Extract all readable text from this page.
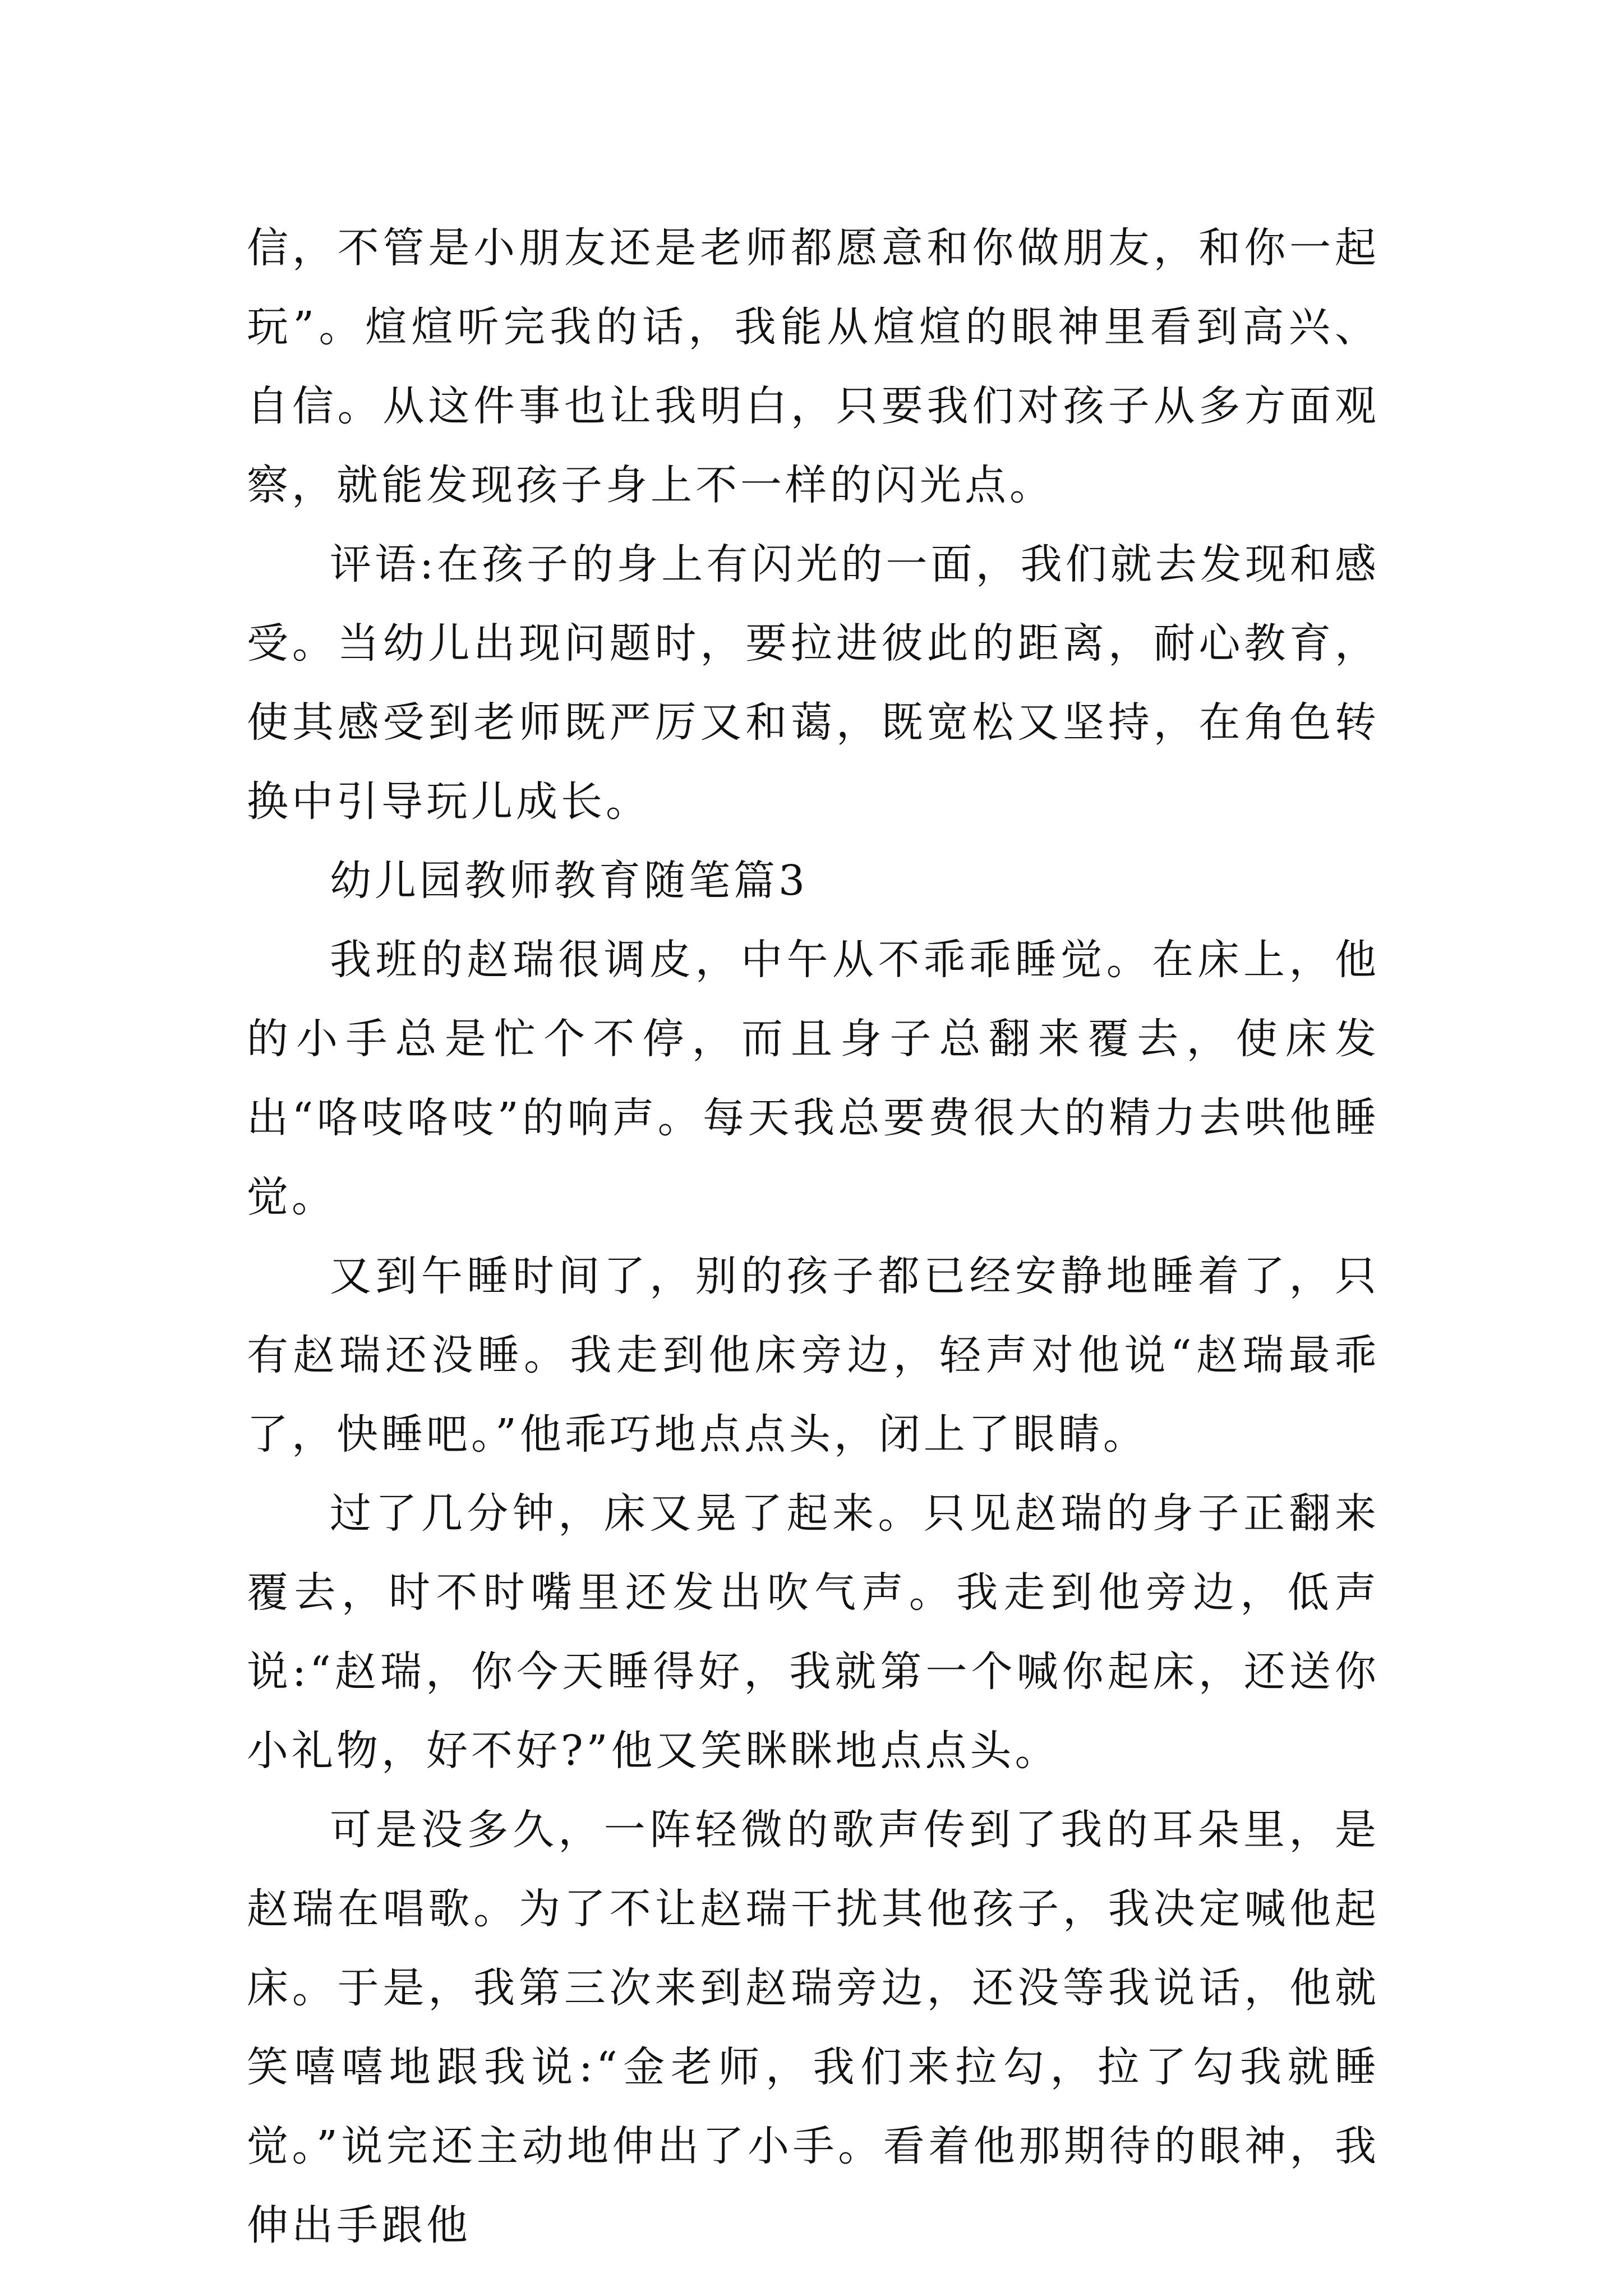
信，不管是小朋友还是老师都愿意和你做朋友，和你一起玩”。煊煊听完我的话，我能从煊煊的眼神里看到高兴、自信。从这件事也让我明白，只要我们对孩子从多方面观察，就能发现孩子身上不一样的闪光点。

评语:在孩子的身上有闪光的一面，我们就去发现和感受。当幼儿出现问题时，要拉进彼此的距离，耐心教育，使其感受到老师既严厉又和蔼，既宽松又坚持，在角色转换中引导玩儿成长。

幼儿园教师教育随笔篇3

我班的赵瑞很调皮，中午从不乖乖睡觉。在床上，他的小手总是忙个不停，而且身子总翻来覆去，使床发出“咯吱咯吱”的响声。每天我总要费很大的精力去哄他睡觉。

又到午睡时间了，别的孩子都已经安静地睡着了，只有赵瑞还没睡。我走到他床旁边，轻声对他说“赵瑞最乖了，快睡吧。”他乖巧地点点头，闭上了眼睛。

过了几分钟，床又晃了起来。只见赵瑞的身子正翻来覆去，时不时嘴里还发出吹气声。我走到他旁边，低声说:“赵瑞，你今天睡得好，我就第一个喊你起床，还送你小礼物，好不好?”他又笑眯眯地点点头。

可是没多久，一阵轻微的歌声传到了我的耳朵里，是赵瑞在唱歌。为了不让赵瑞干扰其他孩子，我决定喊他起床。于是，我第三次来到赵瑞旁边，还没等我说话，他就笑嘻嘻地跟我说:“金老师，我们来拉勾，拉了勾我就睡觉。”说完还主动地伸出了小手。看着他那期待的眼神，我伸出手跟他
